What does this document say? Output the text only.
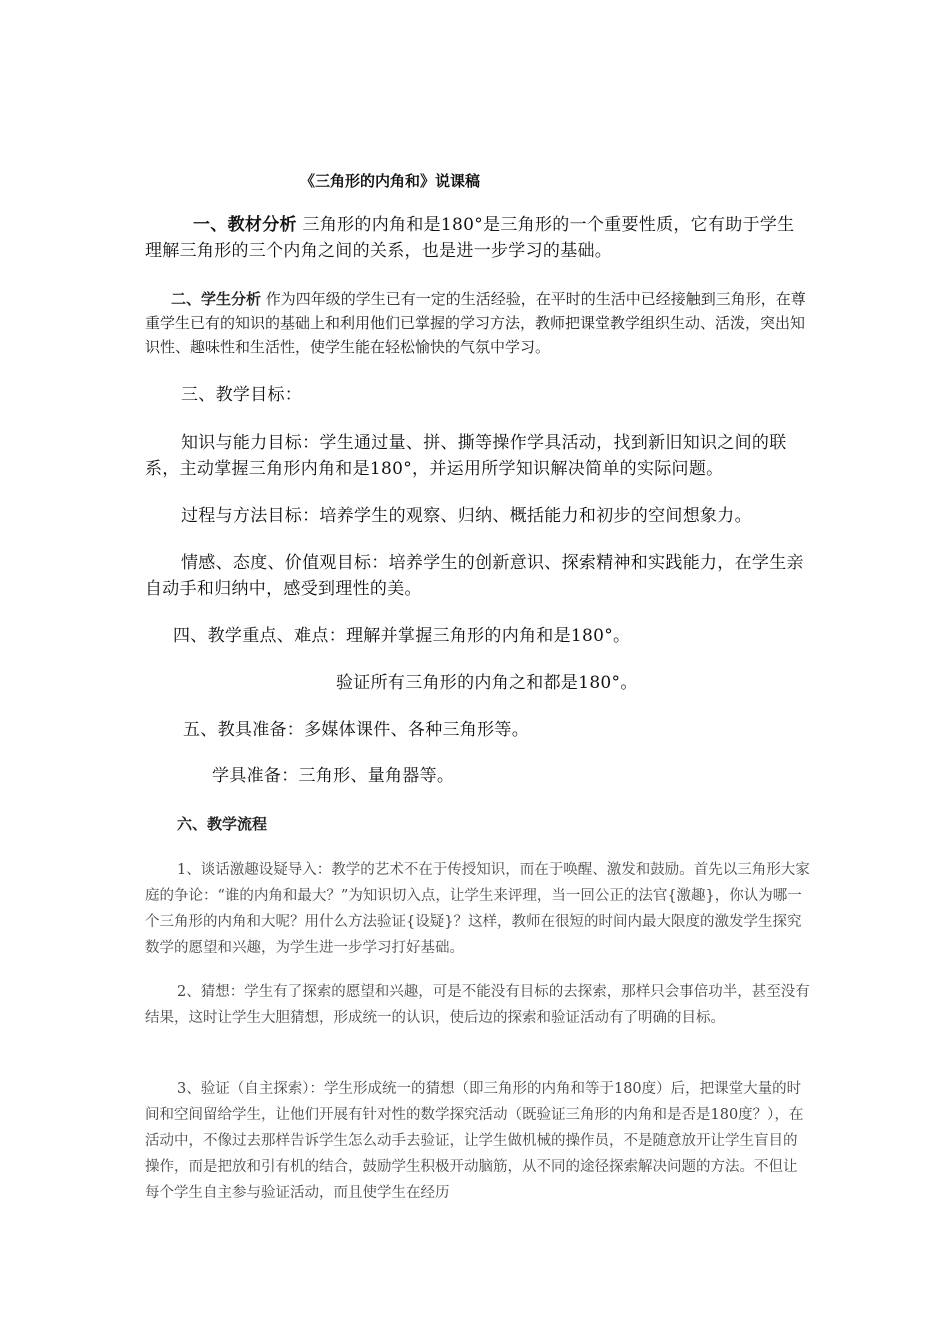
《三角形的内角和》说课稿
一、教材分析 三角形的内角和是180°是三角形的一个重要性质，它有助于学生理解三角形的三个内角之间的关系，也是进一步学习的基础。
二、学生分析 作为四年级的学生已有一定的生活经验，在平时的生活中已经接触到三角形，在尊重学生已有的知识的基础上和利用他们已掌握的学习方法，教师把课堂教学组织生动、活泼，突出知识性、趣味性和生活性，使学生能在轻松愉快的气氛中学习。
三、教学目标：
知识与能力目标：学生通过量、拼、撕等操作学具活动，找到新旧知识之间的联系，主动掌握三角形内角和是180°，并运用所学知识解决简单的实际问题。
过程与方法目标：培养学生的观察、归纳、概括能力和初步的空间想象力。
情感、态度、价值观目标：培养学生的创新意识、探索精神和实践能力，在学生亲自动手和归纳中，感受到理性的美。
四、教学重点、难点：理解并掌握三角形的内角和是180°。
验证所有三角形的内角之和都是180°。
五、教具准备：多媒体课件、各种三角形等。
学具准备：三角形、量角器等。
六、教学流程
1、谈话激趣设疑导入：教学的艺术不在于传授知识，而在于唤醒、激发和鼓励。首先以三角形大家庭的争论：“谁的内角和最大？”为知识切入点，让学生来评理，当一回公正的法官{激趣}，你认为哪一个三角形的内角和大呢？用什么方法验证{设疑}？这样，教师在很短的时间内最大限度的激发学生探究数学的愿望和兴趣，为学生进一步学习打好基础。
2、猜想：学生有了探索的愿望和兴趣，可是不能没有目标的去探索，那样只会事倍功半，甚至没有结果，这时让学生大胆猜想，形成统一的认识，使后边的探索和验证活动有了明确的目标。
3、验证（自主探索）：学生形成统一的猜想（即三角形的内角和等于180度）后，把课堂大量的时间和空间留给学生，让他们开展有针对性的数学探究活动（既验证三角形的内角和是否是180度？），在活动中，不像过去那样告诉学生怎么动手去验证，让学生做机械的操作员，不是随意放开让学生盲目的操作，而是把放和引有机的结合，鼓励学生积极开动脑筋，从不同的途径探索解决问题的方法。不但让每个学生自主参与验证活动，而且使学生在经历
